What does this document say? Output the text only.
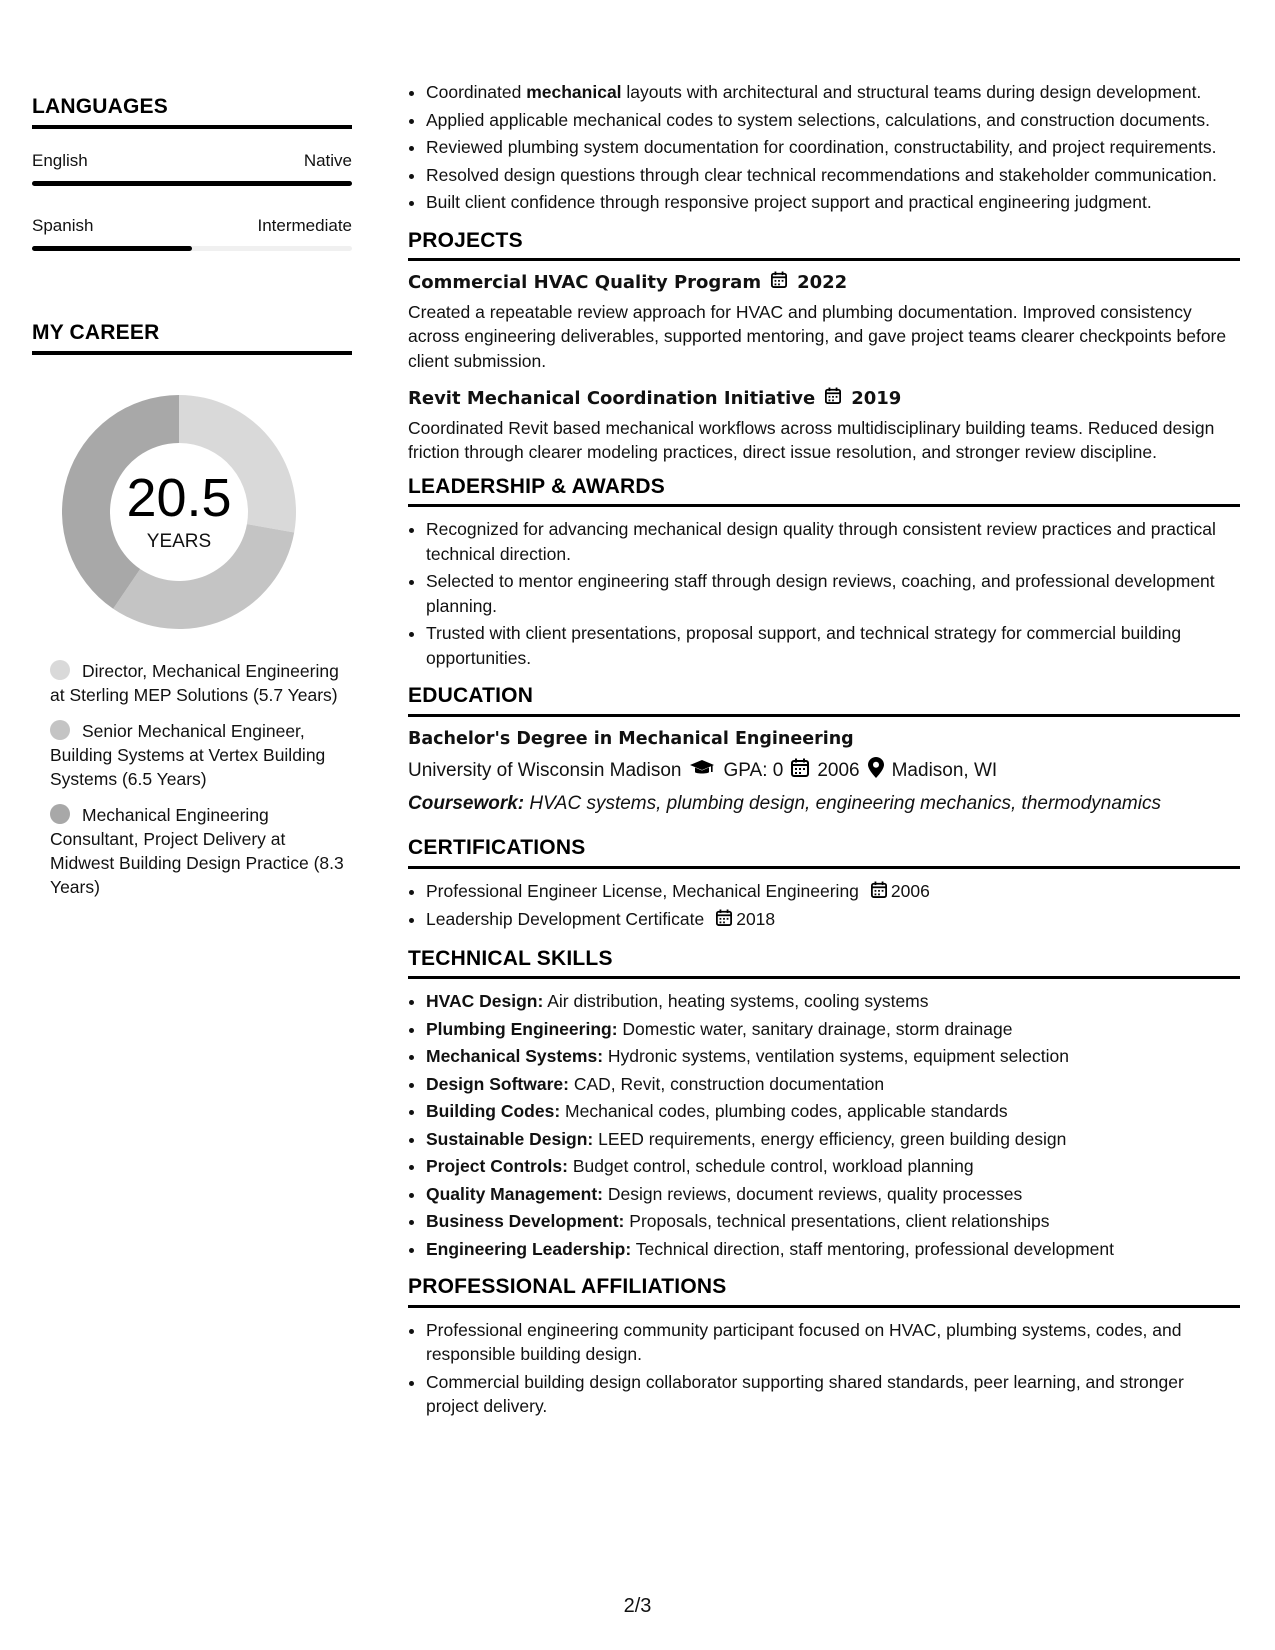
LANGUAGES
English	Native
Spanish	Intermediate
MY CAREER
20.5
YEARS
Director, Mechanical Engineering at Sterling MEP Solutions (5.7 Years)
Senior Mechanical Engineer, Building Systems at Vertex Building Systems (6.5 Years)
Mechanical Engineering Consultant, Project Delivery at Midwest Building Design Practice (8.3 Years)
• Coordinated mechanical layouts with architectural and structural teams during design development.
• Applied applicable mechanical codes to system selections, calculations, and construction documents.
• Reviewed plumbing system documentation for coordination, constructability, and project requirements.
• Resolved design questions through clear technical recommendations and stakeholder communication.
• Built client confidence through responsive project support and practical engineering judgment.
PROJECTS
Commercial HVAC Quality Program 2022
Created a repeatable review approach for HVAC and plumbing documentation. Improved consistency across engineering deliverables, supported mentoring, and gave project teams clearer checkpoints before client submission.
Revit Mechanical Coordination Initiative 2019
Coordinated Revit based mechanical workflows across multidisciplinary building teams. Reduced design friction through clearer modeling practices, direct issue resolution, and stronger review discipline.
LEADERSHIP & AWARDS
• Recognized for advancing mechanical design quality through consistent review practices and practical technical direction.
• Selected to mentor engineering staff through design reviews, coaching, and professional development planning.
• Trusted with client presentations, proposal support, and technical strategy for commercial building opportunities.
EDUCATION
Bachelor's Degree in Mechanical Engineering
University of Wisconsin Madison GPA: 0 2006 Madison, WI
Coursework: HVAC systems, plumbing design, engineering mechanics, thermodynamics
CERTIFICATIONS
• Professional Engineer License, Mechanical Engineering 2006
• Leadership Development Certificate 2018
TECHNICAL SKILLS
• HVAC Design: Air distribution, heating systems, cooling systems
• Plumbing Engineering: Domestic water, sanitary drainage, storm drainage
• Mechanical Systems: Hydronic systems, ventilation systems, equipment selection
• Design Software: CAD, Revit, construction documentation
• Building Codes: Mechanical codes, plumbing codes, applicable standards
• Sustainable Design: LEED requirements, energy efficiency, green building design
• Project Controls: Budget control, schedule control, workload planning
• Quality Management: Design reviews, document reviews, quality processes
• Business Development: Proposals, technical presentations, client relationships
• Engineering Leadership: Technical direction, staff mentoring, professional development
PROFESSIONAL AFFILIATIONS
• Professional engineering community participant focused on HVAC, plumbing systems, codes, and responsible building design.
• Commercial building design collaborator supporting shared standards, peer learning, and stronger project delivery.
2/3
